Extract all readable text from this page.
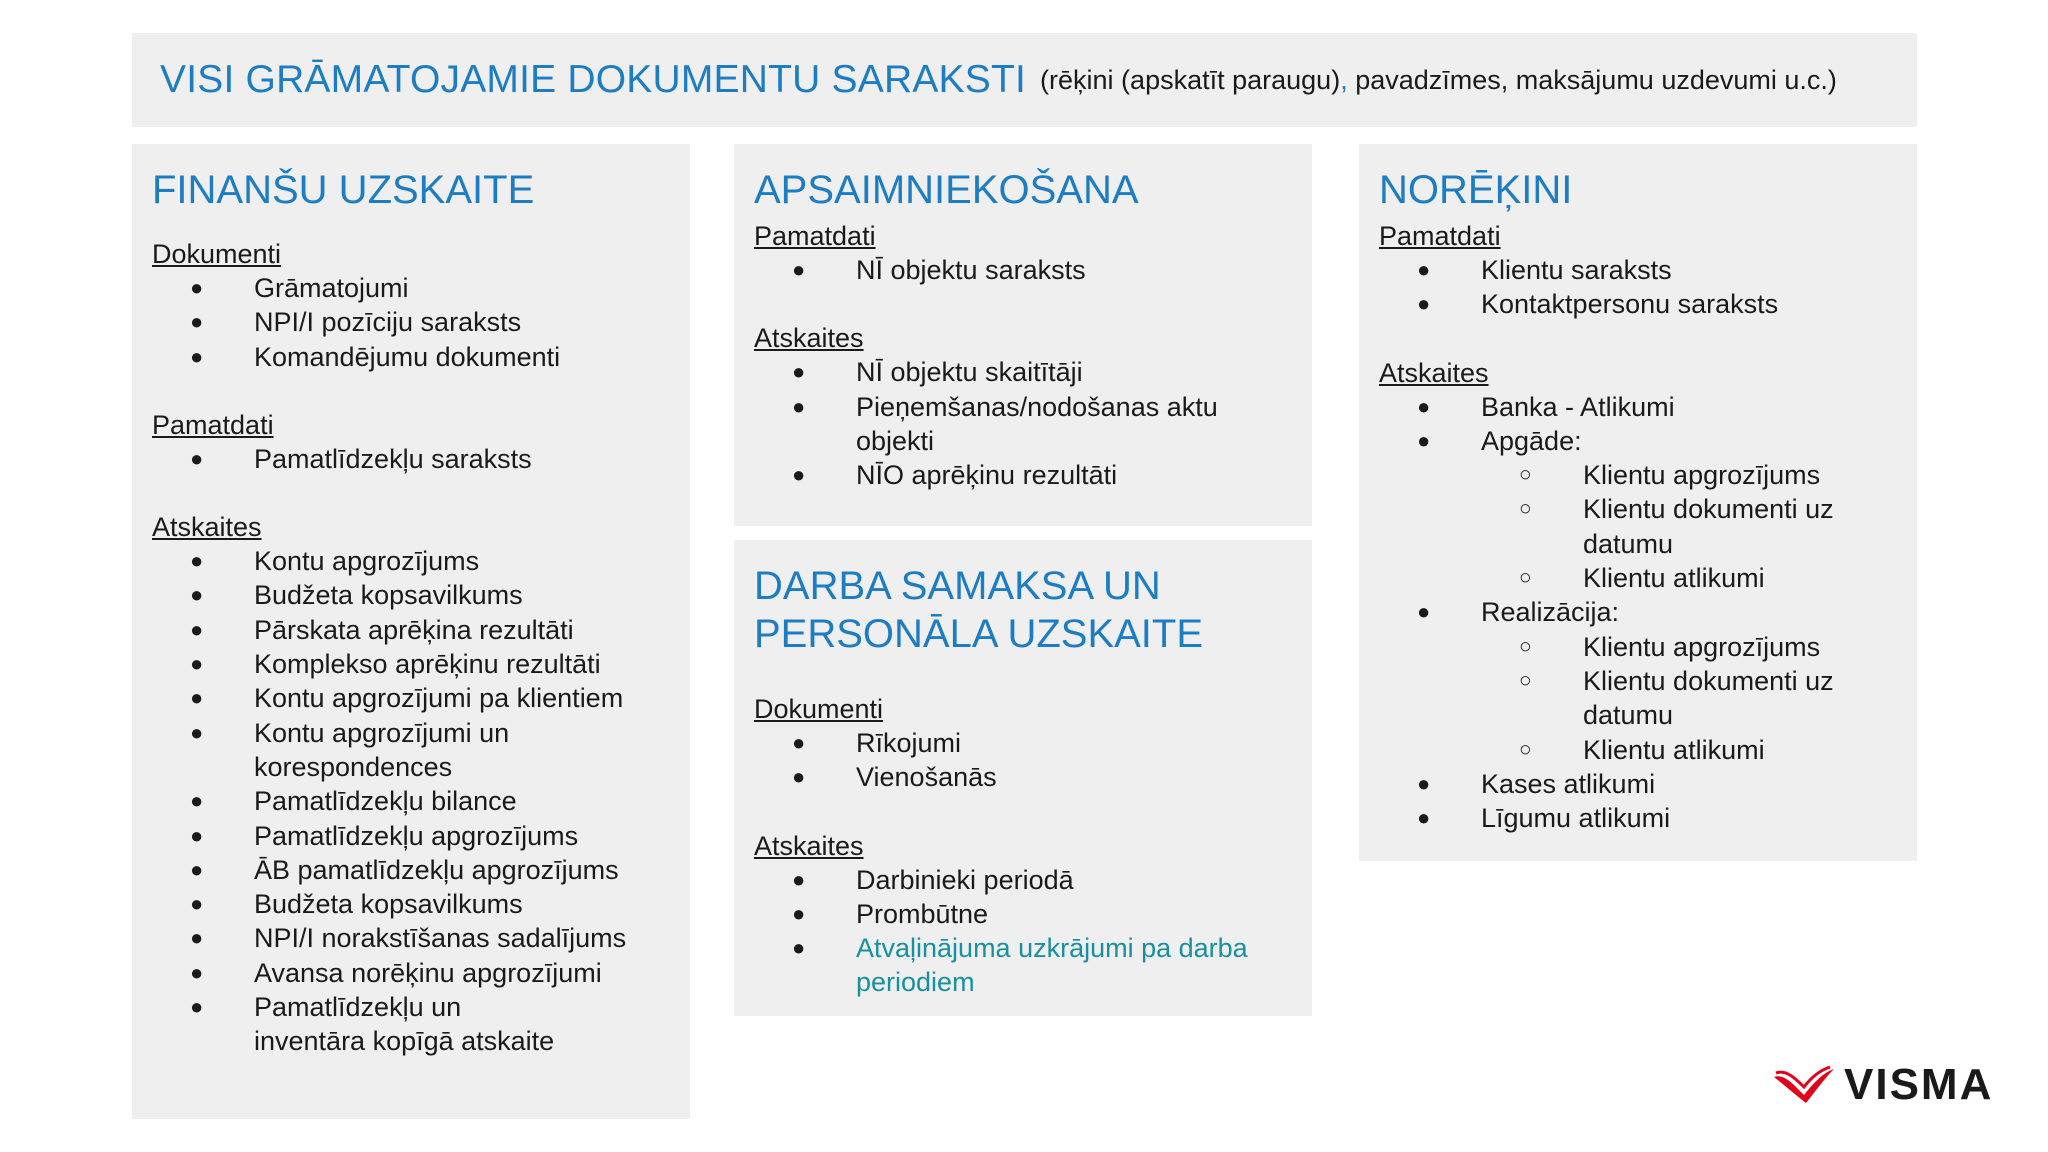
VISI GRĀMATOJAMIE DOKUMENTU SARAKSTI (rēķini (apskatīt paraugu), pavadzīmes, maksājumu uzdevumi u.c.)
FINANŠU UZSKAITE

Dokumenti

● Grāmatojumi
● NPI/I pozīciju saraksts
● Komandējumu dokumenti

Pamatdati

● Pamatlīdzekļu saraksts

Atskaites

● Kontu apgrozījums
● Budžeta kopsavilkums
● Pārskata aprēķina rezultāti
● Komplekso aprēķinu rezultāti
● Kontu apgrozījumi pa klientiem
● Kontu apgrozījumi un korespondences
● Pamatlīdzekļu bilance
● Pamatlīdzekļu apgrozījums
● ĀB pamatlīdzekļu apgrozījums
● Budžeta kopsavilkums
● NPI/I norakstīšanas sadalījums
● Avansa norēķinu apgrozījumi
● Pamatlīdzekļu un inventāra kopīgā atskaite
APSAIMNIEKOŠANA

Pamatdati

● NĪ objektu saraksts

Atskaites

● NĪ objektu skaitītāji
● Pieņemšanas/nodošanas aktu objekti
● NĪO aprēķinu rezultāti
DARBA SAMAKSA UN PERSONĀLA UZSKAITE

Dokumenti

● Rīkojumi
● Vienošanās

Atskaites

● Darbinieki periodā
● Prombūtne
● Atvaļinājuma uzkrājumi pa darba periodiem
NORĒĶINI

Pamatdati

● Klientu saraksts
● Kontaktpersonu saraksts

Atskaites

● Banka - Atlikumi
● Apgāde:
○	Klientu apgrozījums
○	Klientu dokumenti uz datumu
○	Klientu atlikumi
● Realizācija:
○	Klientu apgrozījums
○	Klientu dokumenti uz datumu
○	Klientu atlikumi
● Kases atlikumi
● Līgumu atlikumi
VISMA
